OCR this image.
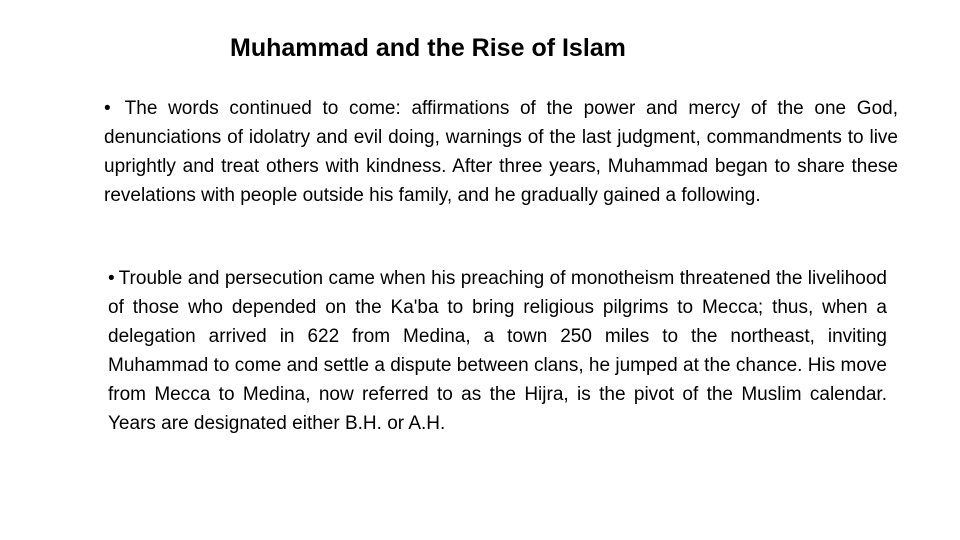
Muhammad and the Rise of Islam

• The words continued to come: affirmations of the power and mercy of the one God, denunciations of idolatry and evil doing, warnings of the last judgment, commandments to live uprightly and treat others with kindness. After three years, Muhammad began to share these revelations with people outside his family, and he gradually gained a following.

• Trouble and persecution came when his preaching of monotheism threatened the livelihood of those who depended on the Ka'ba to bring religious pilgrims to Mecca; thus, when a delegation arrived in 622 from Medina, a town 250 miles to the northeast, inviting Muhammad to come and settle a dispute between clans, he jumped at the chance. His move from Mecca to Medina, now referred to as the Hijra, is the pivot of the Muslim calendar. Years are designated either B.H. or A.H.
